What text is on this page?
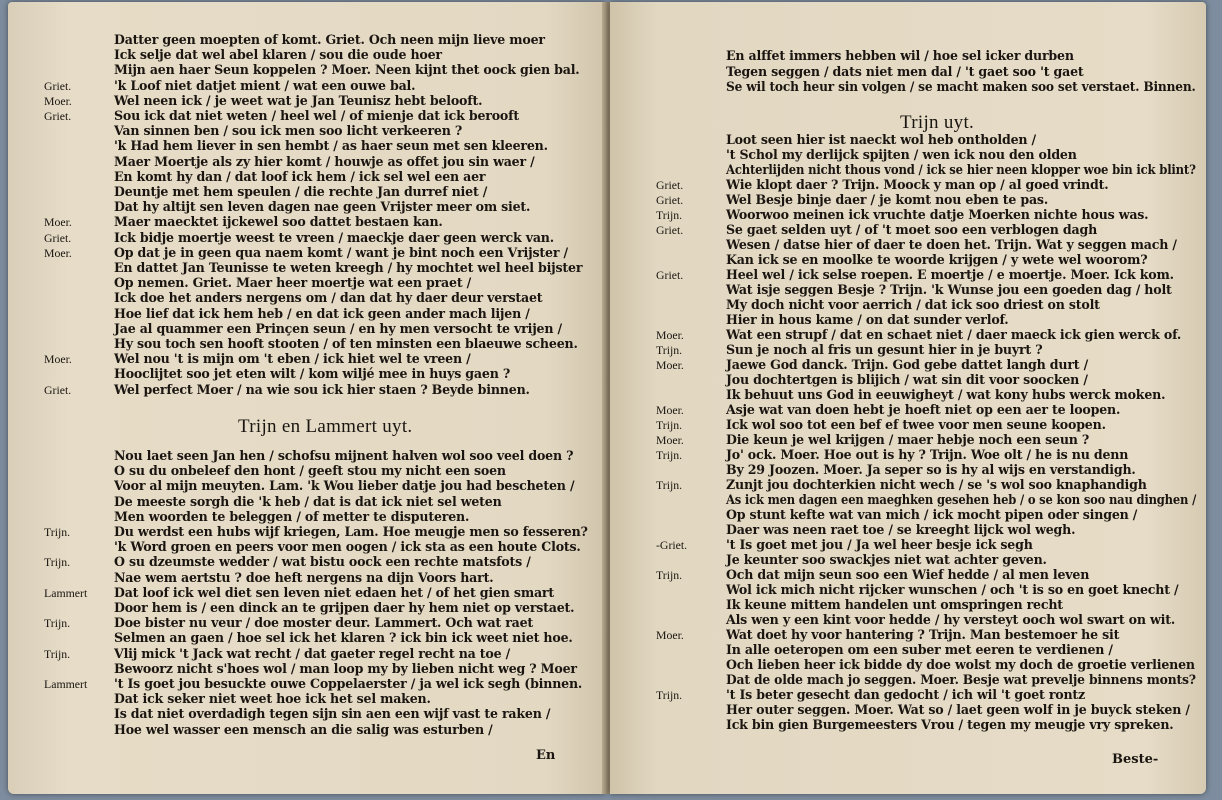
Datter geen moepten of komt. Griet. Och neen mijn lieve moer
Ick selje dat wel abel klaren / sou die oude hoer
Mijn aen haer Seun koppelen ? Moer. Neen kijnt thet oock gien bal.
Griet.	'k Loof niet datjet mient / wat een ouwe bal.
Moer.	Wel neen ick / je weet wat je Jan Teunisz hebt belooft.
Griet.	Sou ick dat niet weten / heel wel / of mienje dat ick berooft
Van sinnen ben / sou ick men soo licht verkeeren ?
'k Had hem liever in sen hembt / as haer seun met sen kleeren.
Maer Moertje als zy hier komt / houwje as offet jou sin waer /
En komt hy dan / dat loof ick hem / ick sel wel een aer
Deuntje met hem speulen / die rechte Jan durref niet /
Dat hy altijt sen leven dagen nae geen Vrijster meer om siet.
Moer.	Maer maecktet ijckewel soo dattet bestaen kan.
Griet.	Ick bidje moertje weest te vreen / maeckje daer geen werck van.
Moer.	Op dat je in geen qua naem komt / want je bint noch een Vrijster /
En dattet Jan Teunisse te weten kreegh / hy mochtet wel heel bijster
Op nemen. Griet. Maer heer moertje wat een praet /
Ick doe het anders nergens om / dan dat hy daer deur verstaet
Hoe lief dat ick hem heb / en dat ick geen ander mach lijen /
Jae al quammer een Prinçen seun / en hy men versocht te vrijen /
Hy sou toch sen hooft stooten / of ten minsten een blaeuwe scheen.
Moer.	Wel nou 't is mijn om 't eben / ick hiet wel te vreen /
Hooclijtet soo jet eten wilt / kom wiljé mee in huys gaen ?
Griet.	Wel perfect Moer / na wie sou ick hier staen ? Beyde binnen.
Trijn en Lammert uyt.
Nou laet seen Jan hen / schofsu mijnent halven wol soo veel doen ?
O su du onbeleef den hont / geeft stou my nicht een soen
Voor al mijn meuyten. Lam. 'k Wou lieber datje jou had bescheten /
De meeste sorgh die 'k heb / dat is dat ick niet sel weten
Men woorden te beleggen / of metter te disputeren.
Trijn.	Du werdst een hubs wijf kriegen, Lam. Hoe meugje men so fesseren?
'k Word groen en peers voor men oogen / ick sta as een houte Clots.
Trijn.	O su dzeumste wedder / wat bistu oock een rechte matsfots /
Nae wem aertstu ? doe heft nergens na dijn Voors hart.
Lammert Dat loof ick wel diet sen leven niet edaen het / of het gien smart
Door hem is / een dinck an te grijpen daer hy hem niet op verstaet.
Trijn.	Doe bister nu veur / doe moster deur. Lammert. Och wat raet
Selmen an gaen / hoe sel ick het klaren ? ick bin ick weet niet hoe.
Trijn.	Vlij mick 't Jack wat recht / dat gaeter regel recht na toe /
Bewoorz nicht s'hoes wol / man loop my by lieben nicht weg ? Moer
Lammert 't Is goet jou besuckte ouwe Coppelaerster / ja wel ick segh (binnen.
Dat ick seker niet weet hoe ick het sel maken.
Is dat niet overdadigh tegen sijn sin aen een wijf vast te raken /
Hoe wel wasser een mensch an die salig was esturben /
En
En alffet immers hebben wil / hoe sel icker durben
Tegen seggen / dats niet men dal / 't gaet soo 't gaet
Se wil toch heur sin volgen / se macht maken soo set verstaet. Binnen.
Trijn uyt.
Loot seen hier ist naeckt wol heb ontholden /
't Schol my derlijck spijten / wen ick nou den olden
Achterlijden nicht thous vond / ick se hier neen klopper woe bin ick blint?
Griet.	Wie klopt daer ? Trijn. Moock y man op / al goed vrindt.
Griet.	Wel Besje binje daer / je komt nou eben te pas.
Trijn.	Woorwoo meinen ick vruchte datje Moerken nichte hous was.
Griet.	Se gaet selden uyt / of 't moet soo een verblogen dagh
Wesen / datse hier of daer te doen het. Trijn. Wat y seggen mach /
Kan ick se en moolke te woorde krijgen / y wete wel woorom?
Griet.	Heel wel / ick selse roepen. E moertje / e moertje. Moer. Ick kom.
Wat isje seggen Besje ? Trijn. 'k Wunse jou een goeden dag / holt
My doch nicht voor aerrich / dat ick soo driest on stolt
Hier in hous kame / on dat sunder verlof.
Moer.	Wat een strupf / dat en schaet niet / daer maeck ick gien werck of.
Trijn.	Sun je noch al fris un gesunt hier in je buyrt ?
Moer.	Jaewe God danck. Trijn. God gebe dattet langh durt /
Jou dochtertgen is blijich / wat sin dit voor soocken /
Ik behuut uns God in eeuwigheyt / wat kony hubs werck moken.
Moer.	Asje wat van doen hebt je hoeft niet op een aer te loopen.
Trijn.	Ick wol soo tot een bef ef twee voor men seune koopen.
Moer.	Die keun je wel krijgen / maer hebje noch een seun ?
Trijn.	Jo' ock. Moer. Hoe out is hy ? Trijn. Woe olt / he is nu denn
By 29 Joozen. Moer. Ja seper so is hy al wijs en verstandigh.
Trijn.	Zunjt jou dochterkien nicht wech / se 's wol soo knaphandigh
As ick men dagen een maeghken gesehen heb / o se kon soo nau dinghen /
Op stunt kefte wat van mich / ick mocht pipen oder singen /
Daer was neen raet toe / se kreeght lijck wol wegh.
-Griet.	't Is goet met jou / Ja wel heer besje ick segh
Je keunter soo swackjes niet wat achter geven.
Trijn.	Och dat mijn seun soo een Wief hedde / al men leven
Wol ick mich nicht rijcker wunschen / och 't is so en goet knecht /
Ik keune mittem handelen unt omspringen recht
Als wen y een kint voor hedde / hy versteyt ooch wol swart on wit.
Moer.	Wat doet hy voor hantering ? Trijn. Man bestemoer he sit
In alle oeteropen om een suber met eeren te verdienen /
Och lieben heer ick bidde dy doe wolst my doch de groetie verlienen
Dat de olde mach jo seggen. Moer. Besje wat prevelje binnens monts?
Trijn.	't Is beter gesecht dan gedocht / ich wil 't goet rontz
Her outer seggen. Moer. Wat so / laet geen wolf in je buyck steken /
Ick bin gien Burgemeesters Vrou / tegen my meugje vry spreken.
Beste-
